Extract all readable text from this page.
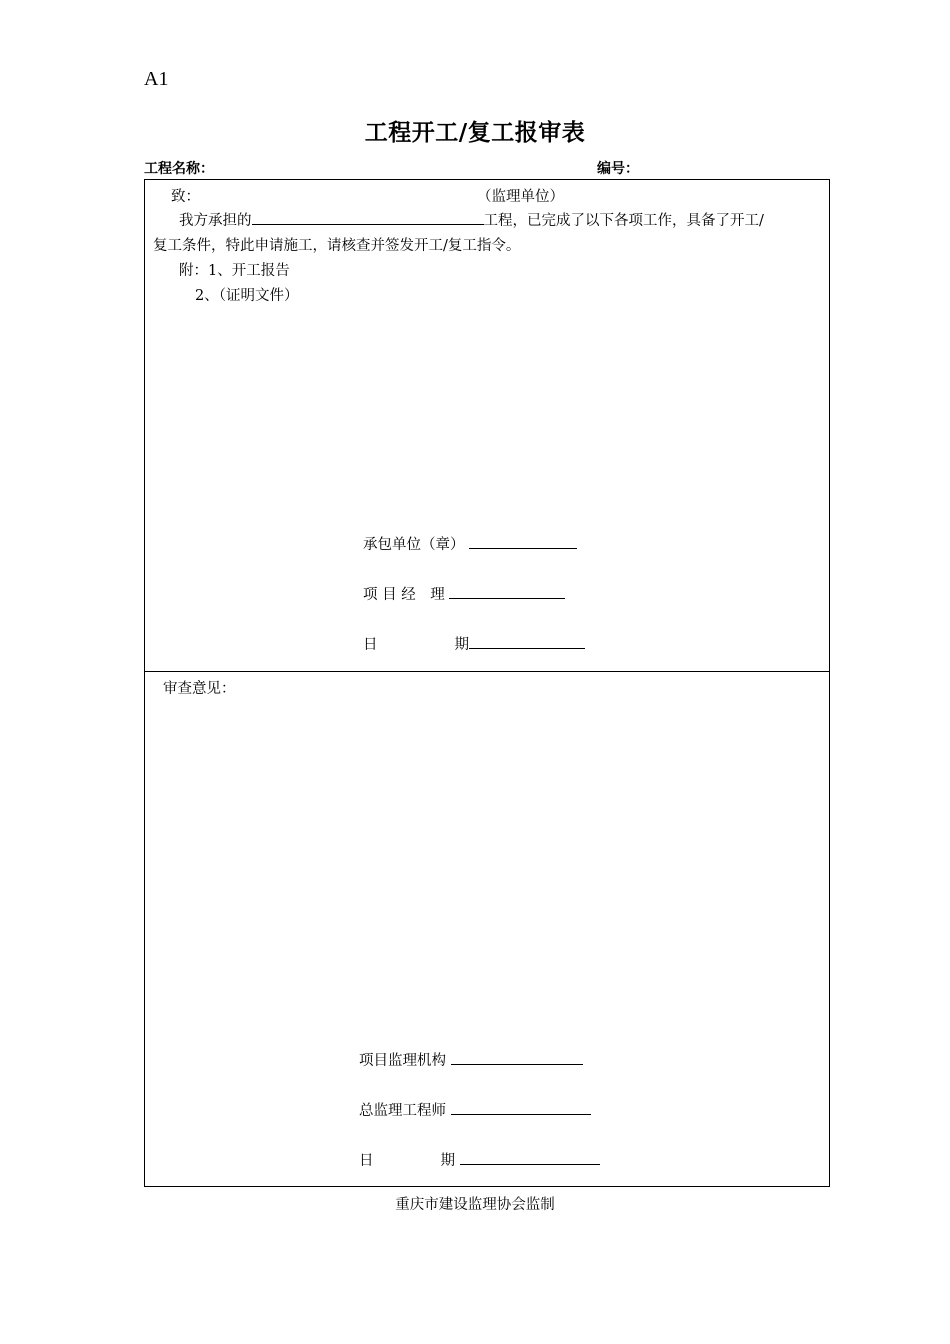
A1
工程开工/复工报审表
工程名称：	编号：
致：	（监理单位）
我方承担的	工程，已完成了以下各项工作，具备了开工/
复工条件，特此申请施工，请核查并签发开工/复工指令。
附：1、开工报告
2、（证明文件）
承包单位（章）
项 目 经　理
日	期
审查意见：
项目监理机构
总监理工程师
日	期
重庆市建设监理协会监制
